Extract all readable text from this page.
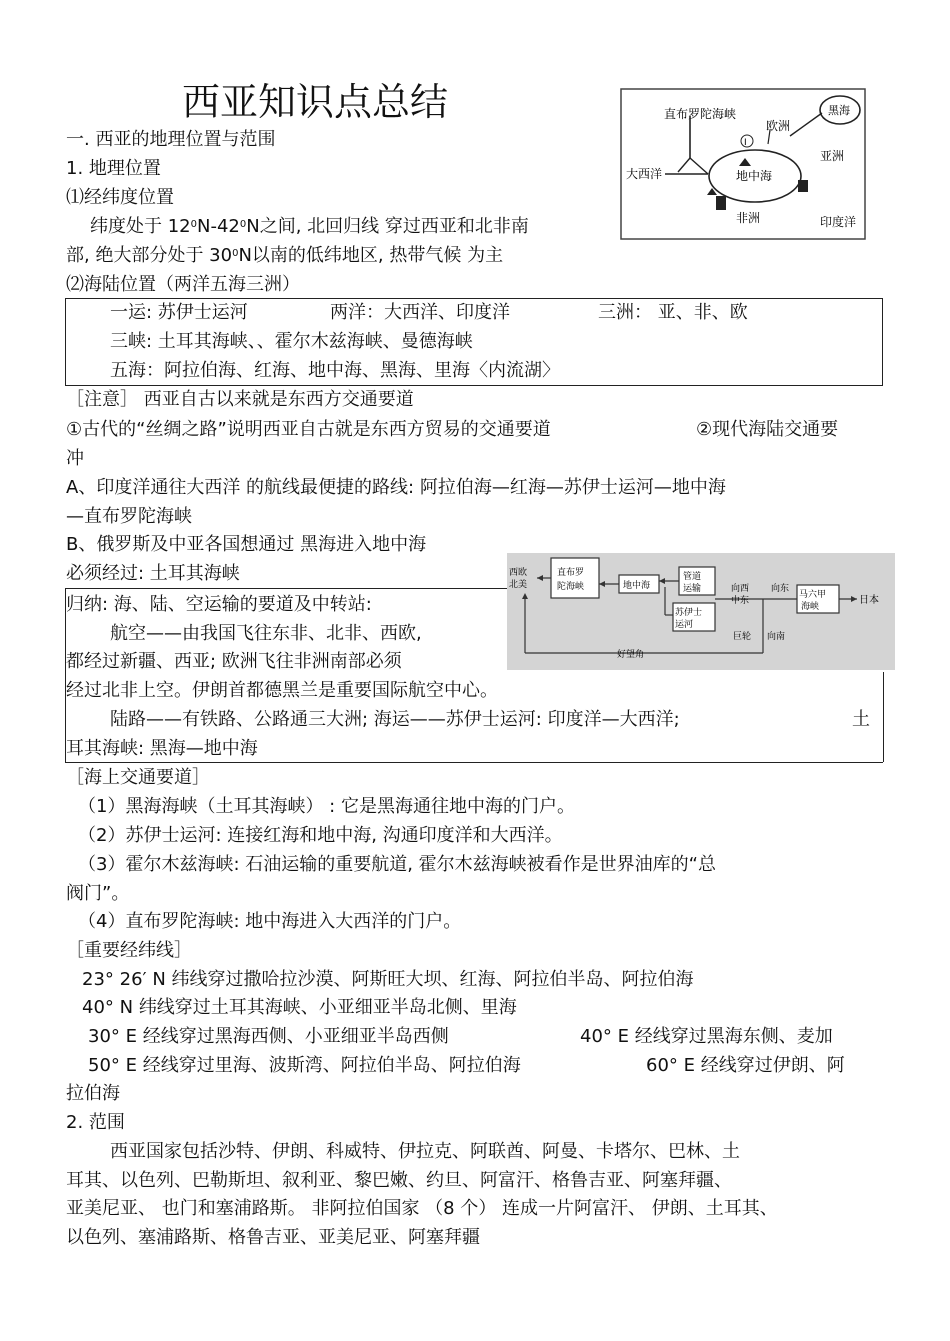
西亚知识点总结
Ⅰ
直布罗陀海峡
欧洲
黑海
大西洋	地中海
亚洲
非洲	印度洋
一. 西亚的地理位置与范围
1. 地理位置
⑴经纬度位置
纬度处于 $12^0N-42^0N$之间, 北回归线 穿过西亚和北非南
部, 绝大部分处于 $30^0N$以南的低纬地区, 热带气候 为主
⑵海陆位置（两洋五海三洲）
一运: 苏伊士运河	两洋：大西洋、印度洋	三洲： 亚、非、欧
三峡: 土耳其海峡、、霍尔木兹海峡、曼德海峡
五海：阿拉伯海、红海、地中海、黑海、里海〈内流湖〉
［注意］ 西亚自古以来就是东西方交通要道
①古代的“丝绸之路”说明西亚自古就是东西方贸易的交通要道	②现代海陆交通要
冲
A、印度洋通往大西洋 的航线最便捷的路线: 阿拉伯海—红海—苏伊士运河—地中海
—直布罗陀海峡
B、俄罗斯及中亚各国想通过 黑海进入地中海
必须经过: 土耳其海峡	西欧
北美
直布罗
陀海峡	地中海
管道
运输
苏伊士
运河
向西
中东
向东
马六甲
海峡
日本
巨轮 向南
好望角
归纳: 海、陆、空运输的要道及中转站:
航空——由我国飞往东非、北非、西欧,
都经过新疆、西亚; 欧洲飞往非洲南部必须
经过北非上空。伊朗首都德黑兰是重要国际航空中心。
陆路——有铁路、公路通三大洲; 海运——苏伊士运河: 印度洋—大西洋;	土
耳其海峡: 黑海—地中海
［海上交通要道］
（1）黑海海峡（土耳其海峡） : 它是黑海通往地中海的门户。
（2）苏伊士运河: 连接红海和地中海, 沟通印度洋和大西洋。
（3）霍尔木兹海峡: 石油运输的重要航道, 霍尔木兹海峡被看作是世界油库的“总
阀门”。
（4）直布罗陀海峡: 地中海进入大西洋的门户。
［重要经纬线］
23° 26′ N 纬线穿过撒哈拉沙漠、阿斯旺大坝、红海、阿拉伯半岛、阿拉伯海
40° N 纬线穿过土耳其海峡、小亚细亚半岛北侧、里海
30° E 经线穿过黑海西侧、小亚细亚半岛西侧	40° E 经线穿过黑海东侧、麦加
50° E 经线穿过里海、波斯湾、阿拉伯半岛、阿拉伯海	60° E 经线穿过伊朗、阿
拉伯海
2. 范围
西亚国家包括沙特、伊朗、科威特、伊拉克、阿联酋、阿曼、卡塔尔、巴林、土
耳其、以色列、巴勒斯坦、叙利亚、黎巴嫩、约旦、阿富汗、格鲁吉亚、阿塞拜疆、
亚美尼亚、 也门和塞浦路斯。 非阿拉伯国家 （8 个） 连成一片阿富汗、 伊朗、土耳其、
以色列、塞浦路斯、格鲁吉亚、亚美尼亚、阿塞拜疆
